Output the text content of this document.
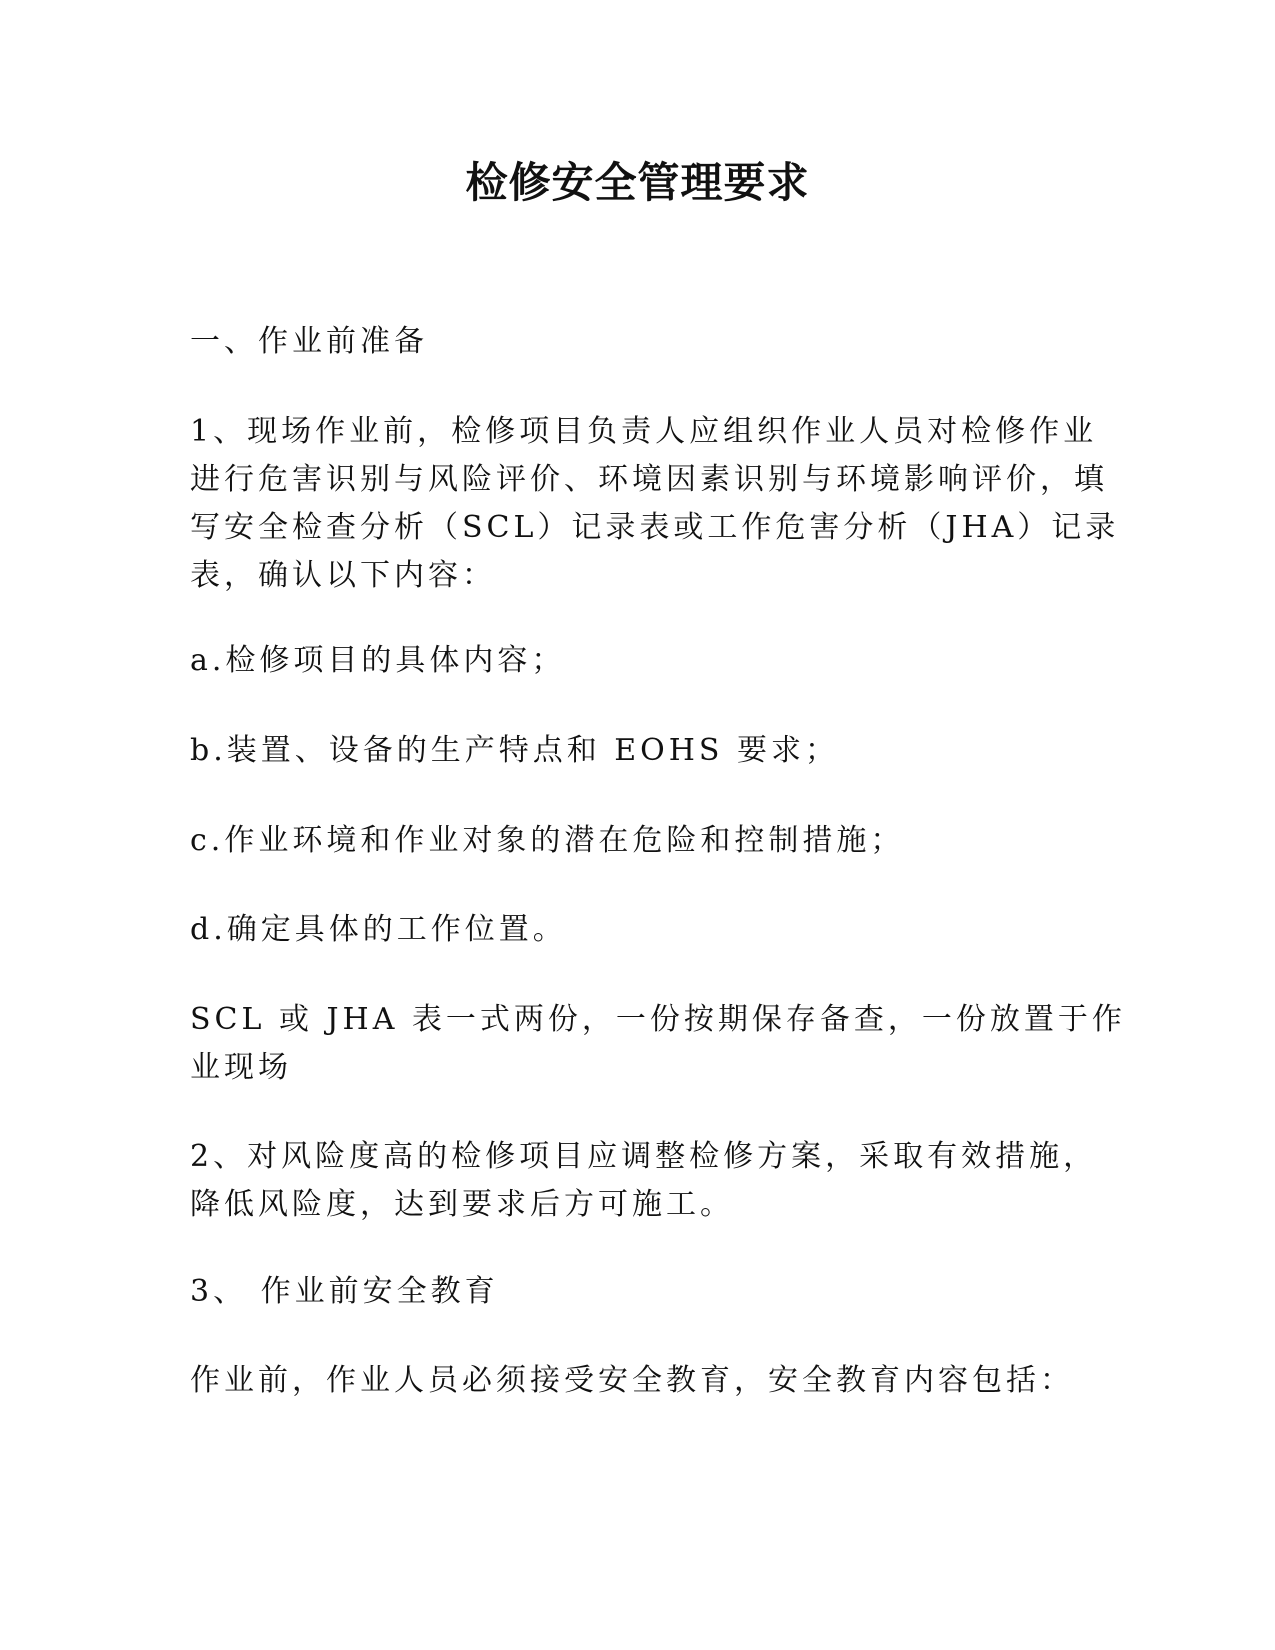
检修安全管理要求

一、作业前准备

1、现场作业前，检修项目负责人应组织作业人员对检修作业
进行危害识别与风险评价、环境因素识别与环境影响评价，填
写安全检查分析（SCL）记录表或工作危害分析（JHA）记录
表，确认以下内容：

a.检修项目的具体内容；

b.装置、设备的生产特点和 EOHS 要求；

c.作业环境和作业对象的潜在危险和控制措施；

d.确定具体的工作位置。

SCL 或 JHA 表一式两份，一份按期保存备查，一份放置于作
业现场

2、对风险度高的检修项目应调整检修方案，采取有效措施，
降低风险度，达到要求后方可施工。

3、 作业前安全教育

作业前，作业人员必须接受安全教育，安全教育内容包括：
